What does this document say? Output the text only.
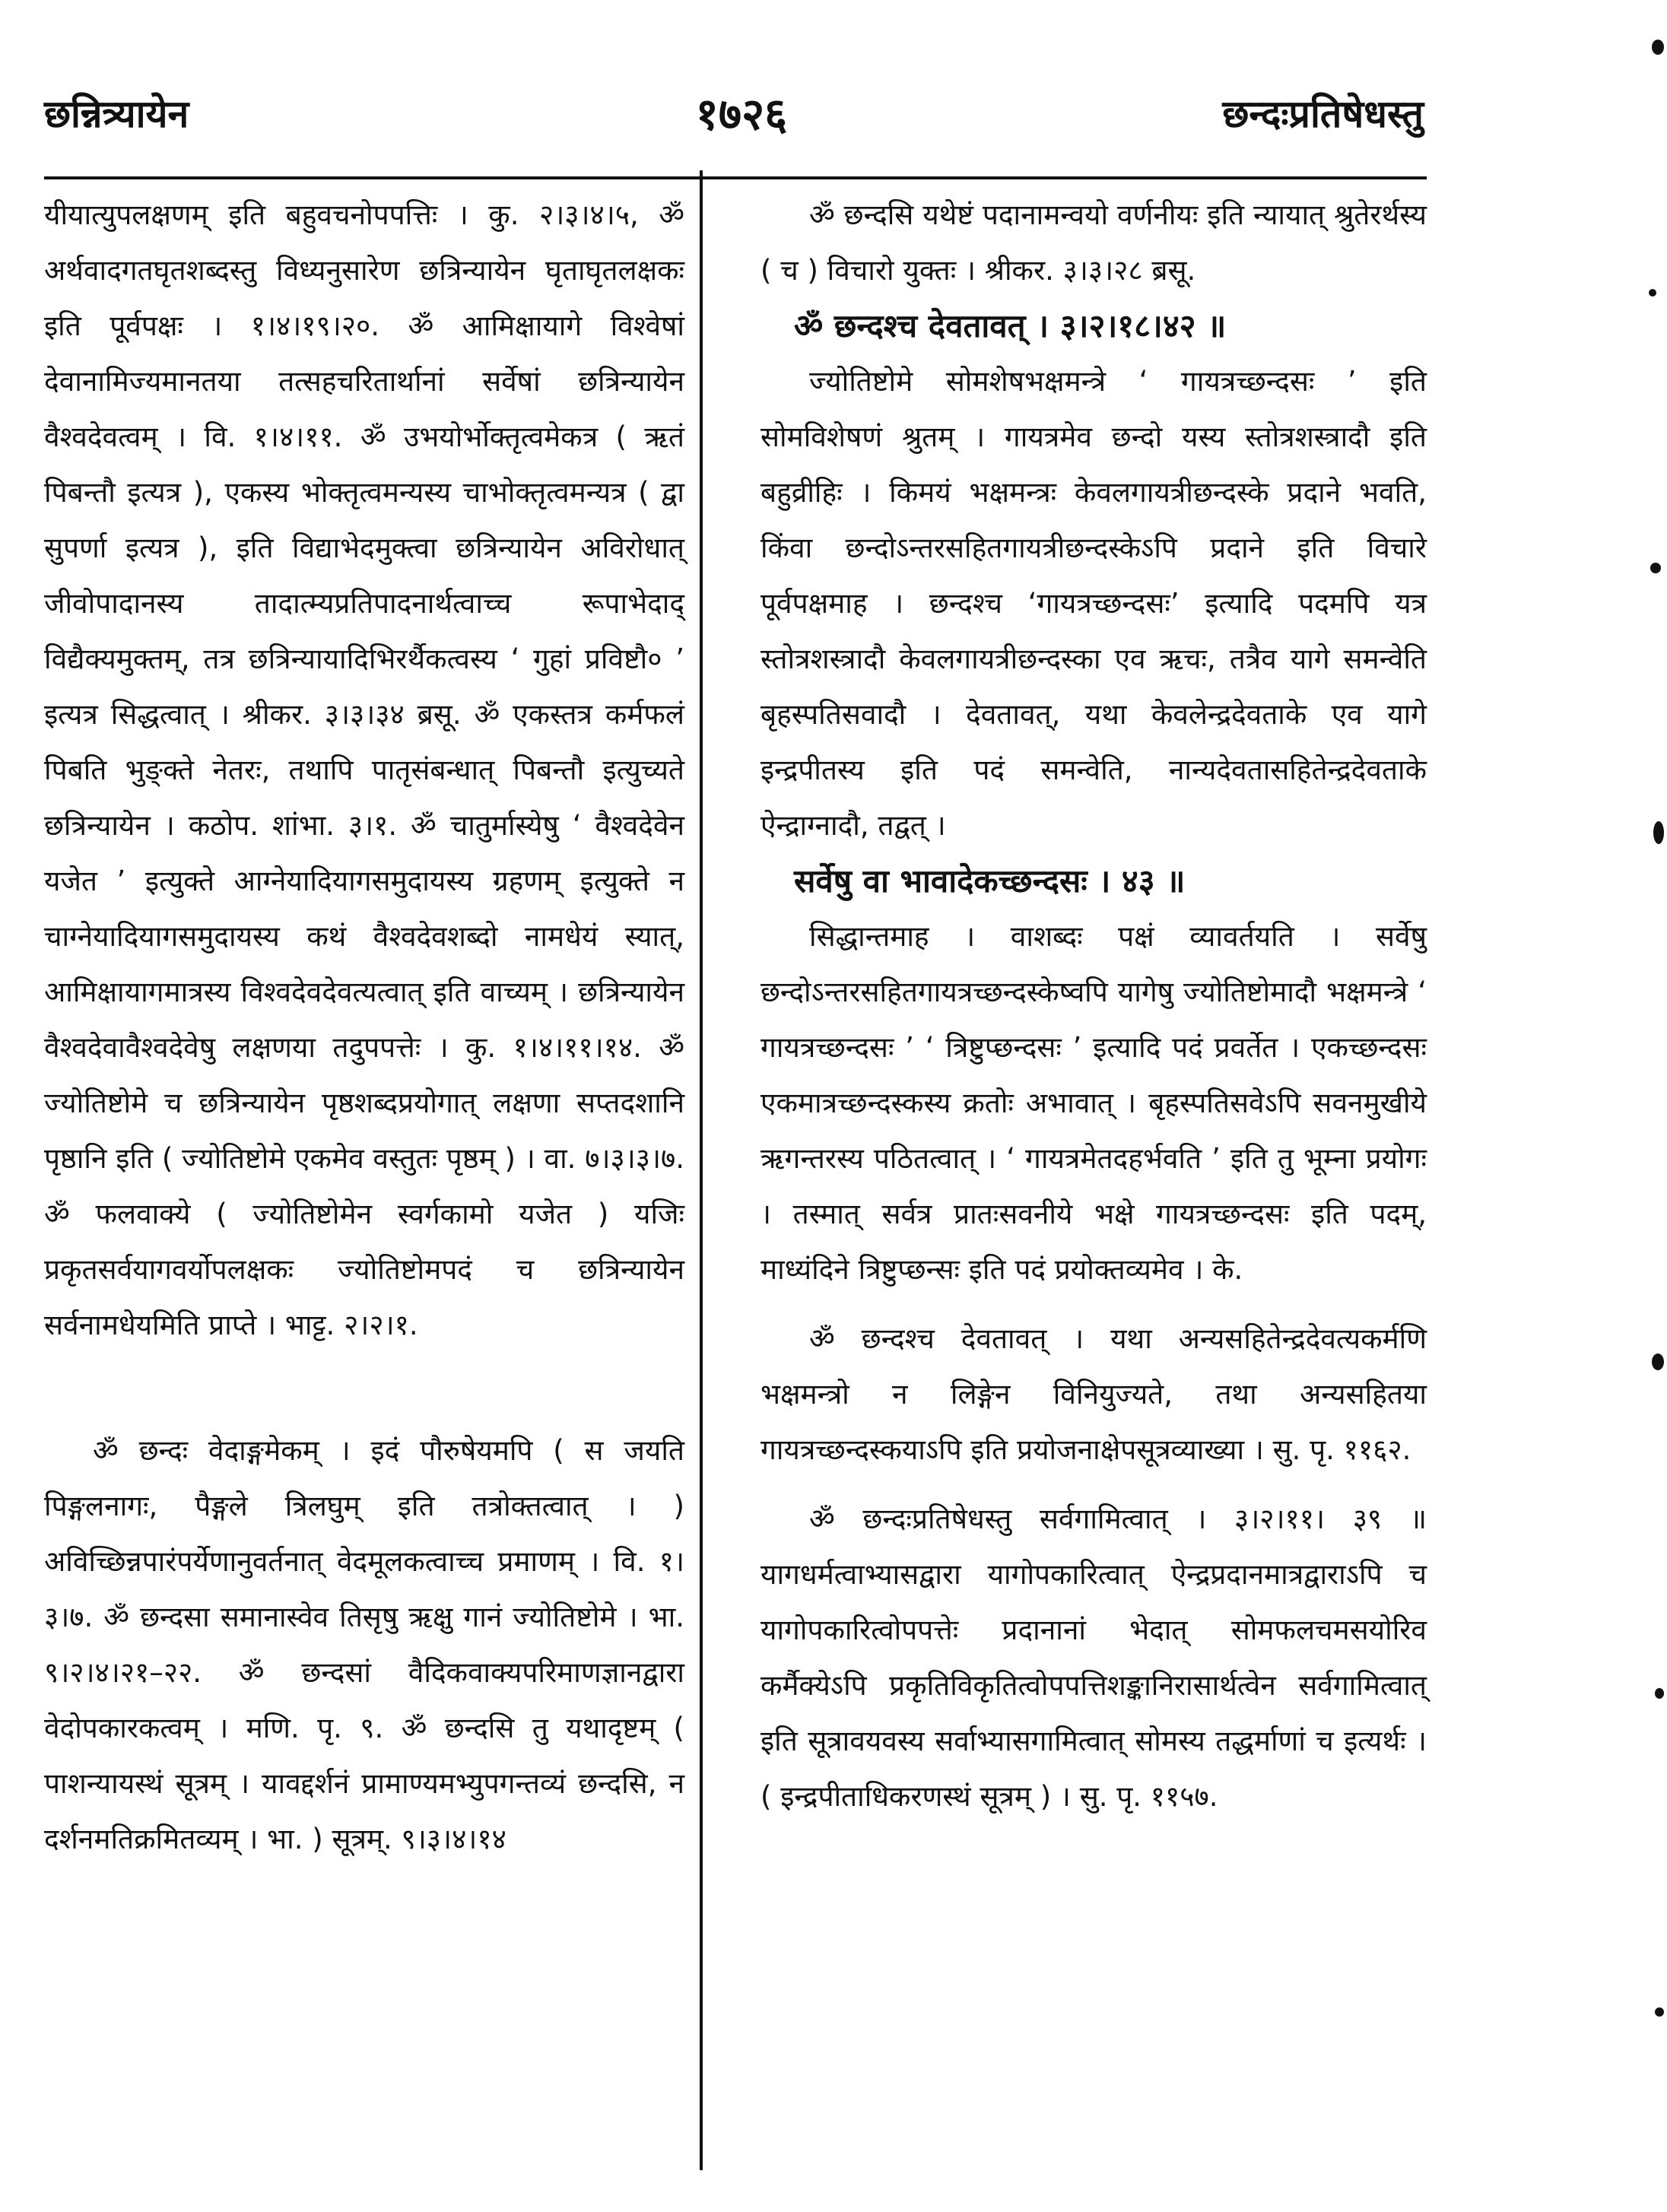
छन्नित्र्यायेन	१७२६	छन्दःप्रतिषेधस्तु

यीयात्युपलक्षणम् इति बहुवचनोपपत्तिः । कु. २।३।४।५, ॐ अर्थवादगतघृतशब्दस्तु विध्यनुसारेण छत्रिन्यायेन घृताघृतलक्षकः इति पूर्वपक्षः । १।४।१९।२०. ॐ आमिक्षायागे विश्वेषां देवानामिज्यमानतया तत्सहचरितार्थानां सर्वेषां छत्रिन्यायेन वैश्वदेवत्वम् । वि. १।४।११. ॐ उभयोर्भोक्तृत्वमेकत्र ( ऋतं पिबन्तौ इत्यत्र ), एकस्य भोक्तृत्वमन्यस्य चाभोक्तृत्वमन्यत्र ( द्वा सुपर्णा इत्यत्र ), इति विद्याभेदमुक्त्वा छत्रिन्यायेन अविरोधात् जीवोपादानस्य तादात्म्यप्रतिपादनार्थत्वाच्च रूपाभेदाद् विद्यैक्यमुक्तम्, तत्र छत्रिन्यायादिभिरर्थैकत्वस्य ‘ गुहां प्रविष्टौ० ’ इत्यत्र सिद्धत्वात् । श्रीकर. ३।३।३४ ब्रसू. ॐ एकस्तत्र कर्मफलं पिबति भुङ्क्ते नेतरः, तथापि पातृसंबन्धात् पिबन्तौ इत्युच्यते छत्रिन्यायेन । कठोप. शांभा. ३।१. ॐ चातुर्मास्येषु ‘ वैश्वदेवेन यजेत ’ इत्युक्ते आग्नेयादियागसमुदायस्य ग्रहणम् इत्युक्ते न चाग्नेयादियागसमुदायस्य कथं वैश्वदेवशब्दो नामधेयं स्यात्, आमिक्षायागमात्रस्य विश्वदेवदेवत्यत्वात् इति वाच्यम् । छत्रिन्यायेन वैश्वदेवावैश्वदेवेषु लक्षणया तदुपपत्तेः । कु. १।४।११।१४. ॐ ज्योतिष्टोमे च छत्रिन्यायेन पृष्ठशब्दप्रयोगात् लक्षणा सप्तदशानि पृष्ठानि इति ( ज्योतिष्टोमे एकमेव वस्तुतः पृष्ठम् ) । वा. ७।३।३।७. ॐ फलवाक्ये ( ज्योतिष्टोमेन स्वर्गकामो यजेत ) यजिः प्रकृतसर्वयागवर्योपलक्षकः ज्योतिष्टोमपदं च छत्रिन्यायेन सर्वनामधेयमिति प्राप्ते । भाट्ट. २।२।१.

ॐ छन्दः वेदाङ्गमेकम् । इदं पौरुषेयमपि ( स जयति पिङ्गलनागः, पैङ्गले त्रिलघुम् इति तत्रोक्तत्वात् । ) अविच्छिन्नपारंपर्येणानुवर्तनात् वेदमूलकत्वाच्च प्रमाणम् । वि. १।३।७. ॐ छन्दसा समानास्वेव तिसृषु ऋक्षु गानं ज्योतिष्टोमे । भा. ९।२।४।२१–२२. ॐ छन्दसां वैदिकवाक्यपरिमाणज्ञानद्वारा वेदोपकारकत्वम् । मणि. पृ. ९. ॐ छन्दसि तु यथादृष्टम् ( पाशन्यायस्थं सूत्रम् । यावद्दर्शनं प्रामाण्यमभ्युपगन्तव्यं छन्दसि, न दर्शनमतिक्रमितव्यम् । भा. ) सूत्रम्. ९।३।४।१४

ॐ छन्दसि यथेष्टं पदानामन्वयो वर्णनीयः इति न्यायात् श्रुतेरर्थस्य ( च ) विचारो युक्तः । श्रीकर. ३।३।२८ ब्रसू.

ॐ छन्दश्च देवतावत् । ३।२।१८।४२ ॥

ज्योतिष्टोमे सोमशेषभक्षमन्त्रे ‘ गायत्रच्छन्दसः ’ इति सोमविशेषणं श्रुतम् । गायत्रमेव छन्दो यस्य स्तोत्रशस्त्रादौ इति बहुव्रीहिः । किमयं भक्षमन्त्रः केवलगायत्रीछन्दस्के प्रदाने भवति, किंवा छन्दोऽन्तरसहितगायत्रीछन्दस्केऽपि प्रदाने इति विचारे पूर्वपक्षमाह । छन्दश्च ‘गायत्रच्छन्दसः’ इत्यादि पदमपि यत्र स्तोत्रशस्त्रादौ केवलगायत्रीछन्दस्का एव ऋचः, तत्रैव यागे समन्वेति बृहस्पतिसवादौ । देवतावत्, यथा केवलेन्द्रदेवताके एव यागे इन्द्रपीतस्य इति पदं समन्वेति, नान्यदेवतासहितेन्द्रदेवताके ऐन्द्राग्नादौ, तद्वत् ।

सर्वेषु वा भावादेकच्छन्दसः । ४३ ॥

सिद्धान्तमाह । वाशब्दः पक्षं व्यावर्तयति । सर्वेषु छन्दोऽन्तरसहितगायत्रच्छन्दस्केष्वपि यागेषु ज्योतिष्टोमादौ भक्षमन्त्रे ‘ गायत्रच्छन्दसः ’ ‘ त्रिष्टुप्छन्दसः ’ इत्यादि पदं प्रवर्तेत । एकच्छन्दसः एकमात्रच्छन्दस्कस्य क्रतोः अभावात् । बृहस्पतिसवेऽपि सवनमुखीये ऋगन्तरस्य पठितत्वात् । ‘ गायत्रमेतदहर्भवति ’ इति तु भूम्ना प्रयोगः । तस्मात् सर्वत्र प्रातःसवनीये भक्षे गायत्रच्छन्दसः इति पदम्, माध्यंदिने त्रिष्टुप्छन्सः इति पदं प्रयोक्तव्यमेव । के.

ॐ छन्दश्च देवतावत् । यथा अन्यसहितेन्द्रदेवत्यकर्मणि भक्षमन्त्रो न लिङ्गेन विनियुज्यते, तथा अन्यसहितया गायत्रच्छन्दस्कयाऽपि इति प्रयोजनाक्षेपसूत्रव्याख्या । सु. पृ. ११६२.

ॐ छन्दःप्रतिषेधस्तु सर्वगामित्वात् । ३।२।११। ३९ ॥ यागधर्मत्वाभ्यासद्वारा यागोपकारित्वात् ऐन्द्रप्रदानमात्रद्वाराऽपि च यागोपकारित्वोपपत्तेः प्रदानानां भेदात् सोमफलचमसयोरिव कर्मैक्येऽपि प्रकृतिविकृतित्वोपपत्तिशङ्कानिरासार्थत्वेन सर्वगामित्वात् इति सूत्रावयवस्य सर्वाभ्यासगामित्वात् सोमस्य तद्धर्माणां च इत्यर्थः । ( इन्द्रपीताधिकरणस्थं सूत्रम् ) । सु. पृ. ११५७.
